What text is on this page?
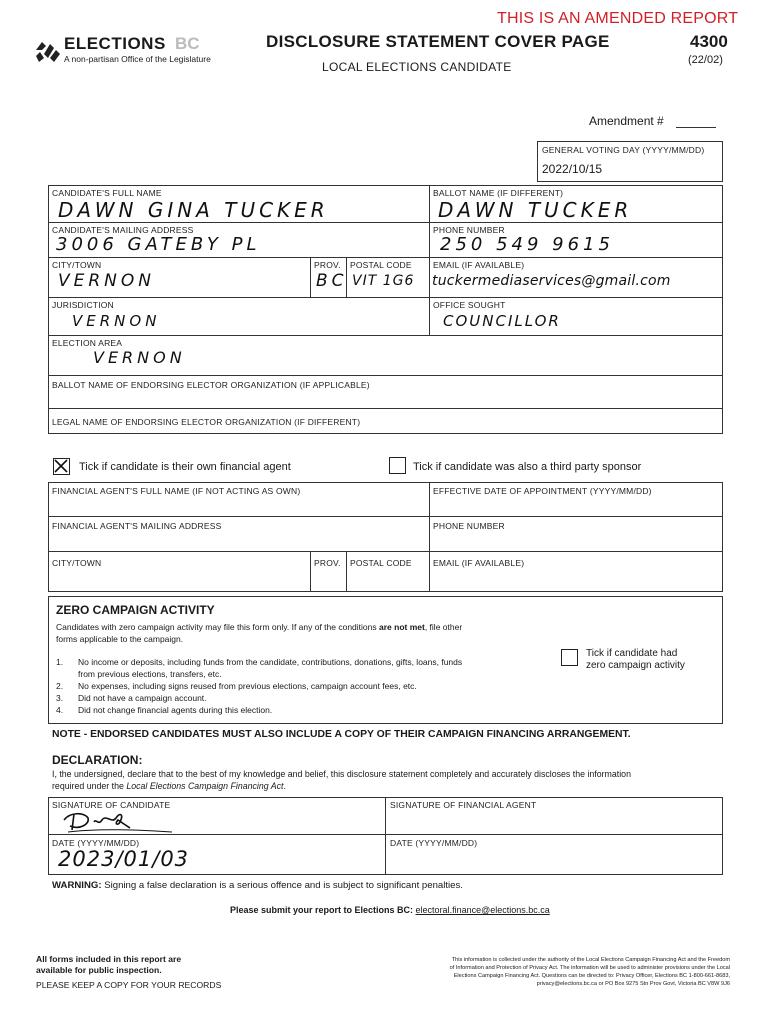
THIS IS AN AMENDED REPORT
ELECTIONS BC
A non-partisan Office of the Legislature
DISCLOSURE STATEMENT COVER PAGE
LOCAL ELECTIONS CANDIDATE
4300
(22/02)
Amendment #
GENERAL VOTING DAY (YYYY/MM/DD)
2022/10/15
CANDIDATE'S FULL NAME
DAWN GINA TUCKER
BALLOT NAME (IF DIFFERENT)
DAWN TUCKER
CANDIDATE'S MAILING ADDRESS
3006 GATEBY PL
PHONE NUMBER
250 549 9615
CITY/TOWN
VERNON
PROV.
BC
POSTAL CODE
VIT 1G6
EMAIL (IF AVAILABLE)
tuckermediaservices@gmail.com
JURISDICTION
VERNON
OFFICE SOUGHT
COUNCILLOR
ELECTION AREA
VERNON
BALLOT NAME OF ENDORSING ELECTOR ORGANIZATION (IF APPLICABLE)
LEGAL NAME OF ENDORSING ELECTOR ORGANIZATION (IF DIFFERENT)
Tick if candidate is their own financial agent	Tick if candidate was also a third party sponsor
FINANCIAL AGENT'S FULL NAME (IF NOT ACTING AS OWN)	EFFECTIVE DATE OF APPOINTMENT (YYYY/MM/DD)
FINANCIAL AGENT'S MAILING ADDRESS	PHONE NUMBER
CITY/TOWN	PROV. POSTAL CODE	EMAIL (IF AVAILABLE)
ZERO CAMPAIGN ACTIVITY
Candidates with zero campaign activity may file this form only. If any of the conditions are not met, file other
forms applicable to the campaign.
1.	No income or deposits, including funds from the candidate, contributions, donations, gifts, loans, funds
from previous elections, transfers, etc.
2.	No expenses, including signs reused from previous elections, campaign account fees, etc.
3.	Did not have a campaign account.
4.	Did not change financial agents during this election.
Tick if candidate had
zero campaign activity
NOTE - ENDORSED CANDIDATES MUST ALSO INCLUDE A COPY OF THEIR CAMPAIGN FINANCING ARRANGEMENT.
DECLARATION:
I, the undersigned, declare that to the best of my knowledge and belief, this disclosure statement completely and accurately discloses the information
required under the Local Elections Campaign Financing Act.
SIGNATURE OF CANDIDATE	SIGNATURE OF FINANCIAL AGENT
DATE (YYYY/MM/DD)
2023/01/03
DATE (YYYY/MM/DD)
WARNING: Signing a false declaration is a serious offence and is subject to significant penalties.
Please submit your report to Elections BC: electoral.finance@elections.bc.ca
All forms included in this report are
available for public inspection.
PLEASE KEEP A COPY FOR YOUR RECORDS
This information is collected under the authority of the Local Elections Campaign Financing Act and the Freedom
of Information and Protection of Privacy Act. The information will be used to administer provisions under the Local
Elections Campaign Financing Act. Questions can be directed to: Privacy Officer, Elections BC 1-800-661-8683,
privacy@elections.bc.ca or PO Box 9275 Stn Prov Govt, Victoria BC V8W 9J6
